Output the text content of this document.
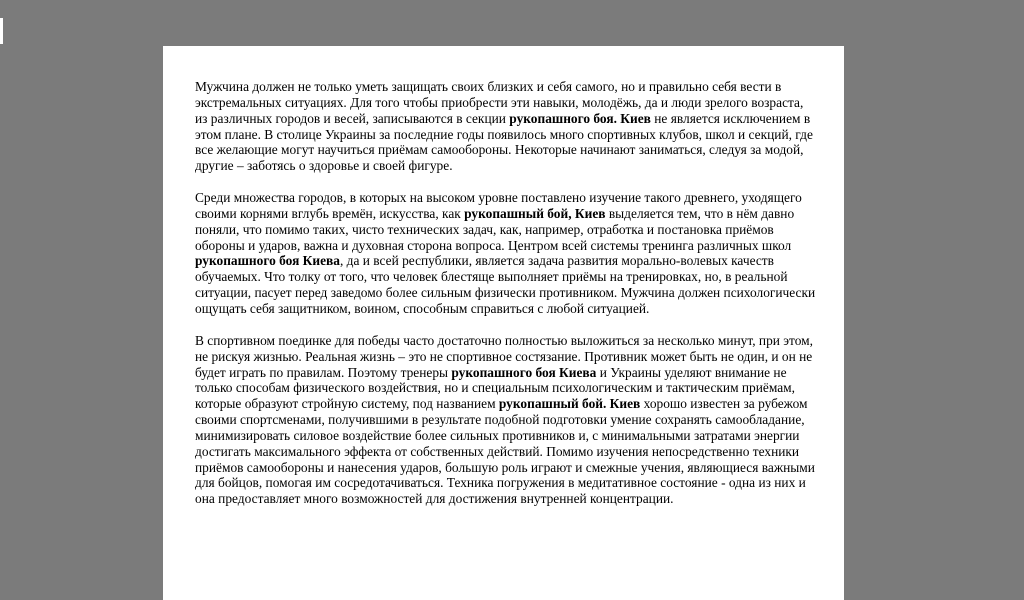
Мужчина должен не только уметь защищать своих близких и себя самого, но и правильно себя вести в экстремальных ситуациях. Для того чтобы приобрести эти навыки, молодёжь, да и люди зрелого возраста, из различных городов и весей, записываются в секции рукопашного боя. Киев не является исключением в этом плане. В столице Украины за последние годы появилось много спортивных клубов, школ и секций, где все желающие могут научиться приёмам самообороны. Некоторые начинают заниматься, следуя за модой, другие – заботясь о здоровье и своей фигуре.

Среди множества городов, в которых на высоком уровне поставлено изучение такого древнего, уходящего своими корнями вглубь времён, искусства, как рукопашный бой, Киев выделяется тем, что в нём давно поняли, что помимо таких, чисто технических задач, как, например, отработка и постановка приёмов обороны и ударов, важна и духовная сторона вопроса. Центром всей системы тренинга различных школ рукопашного боя Киева, да и всей республики, является задача развития морально-волевых качеств обучаемых. Что толку от того, что человек блестяще выполняет приёмы на тренировках, но, в реальной ситуации, пасует перед заведомо более сильным физически противником. Мужчина должен психологически ощущать себя защитником, воином, способным справиться с любой ситуацией.

В спортивном поединке для победы часто достаточно полностью выложиться за несколько минут, при этом, не рискуя жизнью. Реальная жизнь – это не спортивное состязание. Противник может быть не один, и он не будет играть по правилам. Поэтому тренеры рукопашного боя Киева и Украины уделяют внимание не только способам физического воздействия, но и специальным психологическим и тактическим приёмам, которые образуют стройную систему, под названием рукопашный бой. Киев хорошо известен за рубежом своими спортсменами, получившими в результате подобной подготовки умение сохранять самообладание, минимизировать силовое воздействие более сильных противников и, с минимальными затратами энергии достигать максимального эффекта от собственных действий. Помимо изучения непосредственно техники приёмов самообороны и нанесения ударов, большую роль играют и смежные учения, являющиеся важными для бойцов, помогая им сосредотачиваться. Техника погружения в медитативное состояние - одна из них и она предоставляет много возможностей для достижения внутренней концентрации.
